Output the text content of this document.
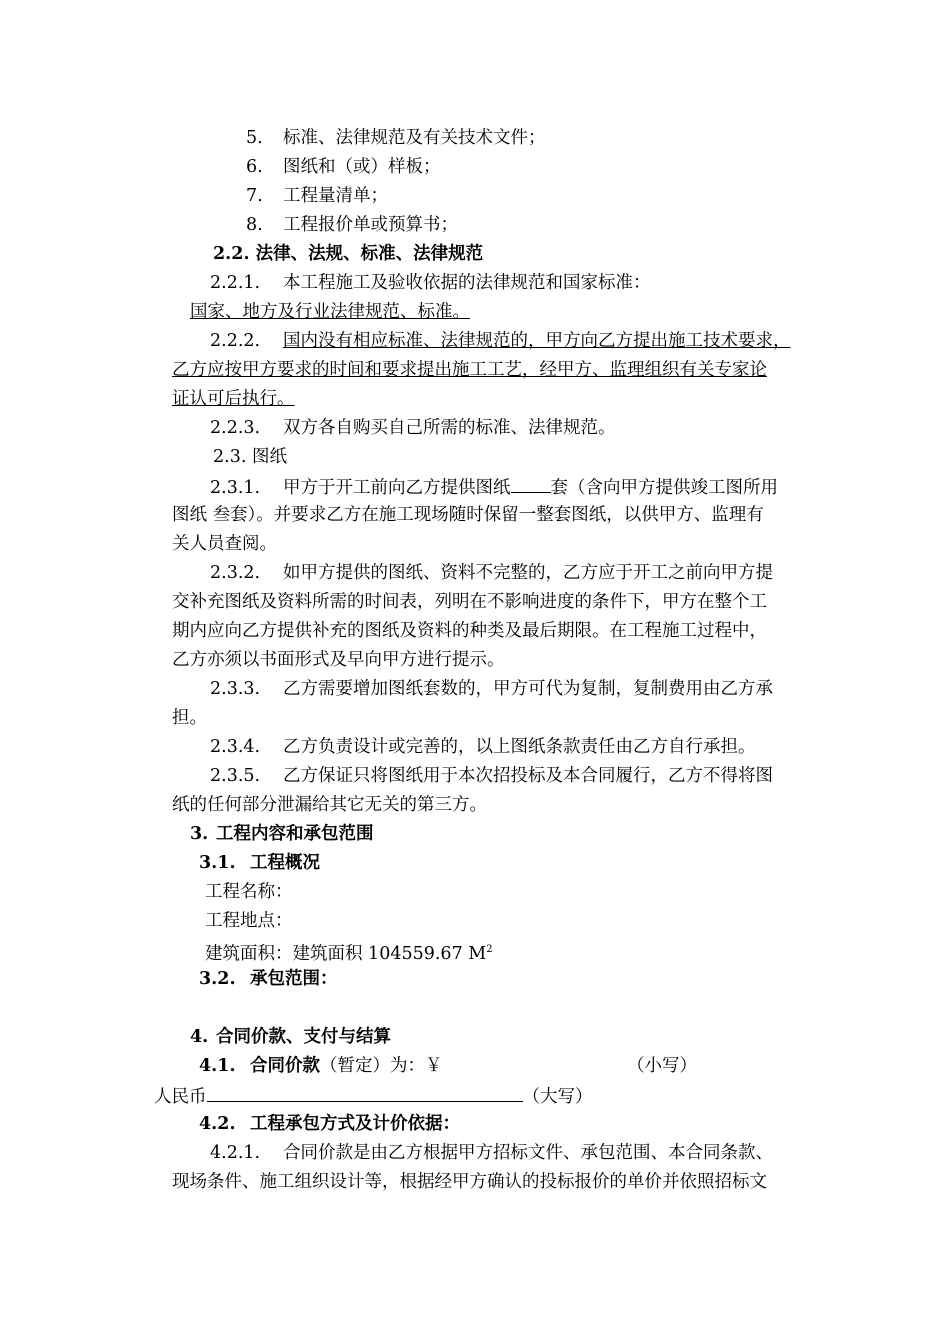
5. 标准、法律规范及有关技术文件；
6. 图纸和（或）样板；
7. 工程量清单；
8. 工程报价单或预算书；
2.2. 法律、法规、标准、法律规范
2.2.1. 本工程施工及验收依据的法律规范和国家标准：
国家、地方及行业法律规范、标准。
2.2.2. 国内没有相应标准、法律规范的，甲方向乙方提出施工技术要求，
乙方应按甲方要求的时间和要求提出施工工艺，经甲方、监理组织有关专家论
证认可后执行。
2.2.3. 双方各自购买自己所需的标准、法律规范。
2.3. 图纸
2.3.1. 甲方于开工前向乙方提供图纸 套（含向甲方提供竣工图所用
图纸 叁套）。并要求乙方在施工现场随时保留一整套图纸，以供甲方、监理有
关人员查阅。
2.3.2. 如甲方提供的图纸、资料不完整的，乙方应于开工之前向甲方提
交补充图纸及资料所需的时间表，列明在不影响进度的条件下，甲方在整个工
期内应向乙方提供补充的图纸及资料的种类及最后期限。在工程施工过程中，
乙方亦须以书面形式及早向甲方进行提示。
2.3.3. 乙方需要增加图纸套数的，甲方可代为复制，复制费用由乙方承
担。
2.3.4. 乙方负责设计或完善的，以上图纸条款责任由乙方自行承担。
2.3.5. 乙方保证只将图纸用于本次招投标及本合同履行，乙方不得将图
纸的任何部分泄漏给其它无关的第三方。
3. 工程内容和承包范围
3.1. 工程概况
工程名称：
工程地点：
建筑面积：建筑面积 104559.67 $M^2$
3.2. 承包范围：
4. 合同价款、支付与结算
4.1. 合同价款（暂定）为：￥	（小写）
人民币	（大写）
4.2. 工程承包方式及计价依据：
4.2.1. 合同价款是由乙方根据甲方招标文件、承包范围、本合同条款、
现场条件、施工组织设计等，根据经甲方确认的投标报价的单价并依照招标文
